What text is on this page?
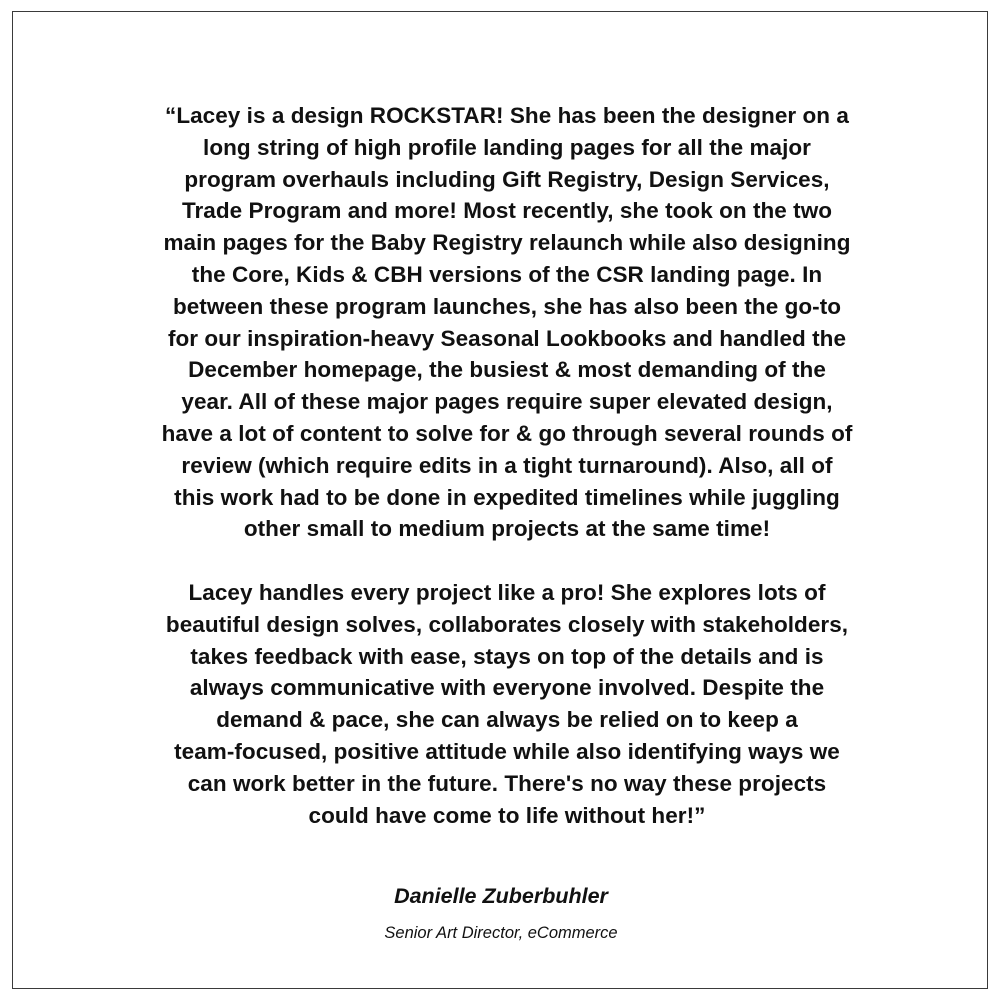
“Lacey is a design ROCKSTAR! She has been the designer on a
long string of high profile landing pages for all the major
program overhauls including Gift Registry, Design Services,
Trade Program and more! Most recently, she took on the two
main pages for the Baby Registry relaunch while also designing
the Core, Kids & CBH versions of the CSR landing page. In
between these program launches, she has also been the go-to
for our inspiration-heavy Seasonal Lookbooks and handled the
December homepage, the busiest & most demanding of the
year. All of these major pages require super elevated design,
have a lot of content to solve for & go through several rounds of
review (which require edits in a tight turnaround). Also, all of
this work had to be done in expedited timelines while juggling
other small to medium projects at the same time!
Lacey handles every project like a pro! She explores lots of
beautiful design solves, collaborates closely with stakeholders,
takes feedback with ease, stays on top of the details and is
always communicative with everyone involved. Despite the
demand & pace, she can always be relied on to keep a
team-focused, positive attitude while also identifying ways we
can work better in the future. There's no way these projects
could have come to life without her!”
Danielle Zuberbuhler
Senior Art Director, eCommerce
